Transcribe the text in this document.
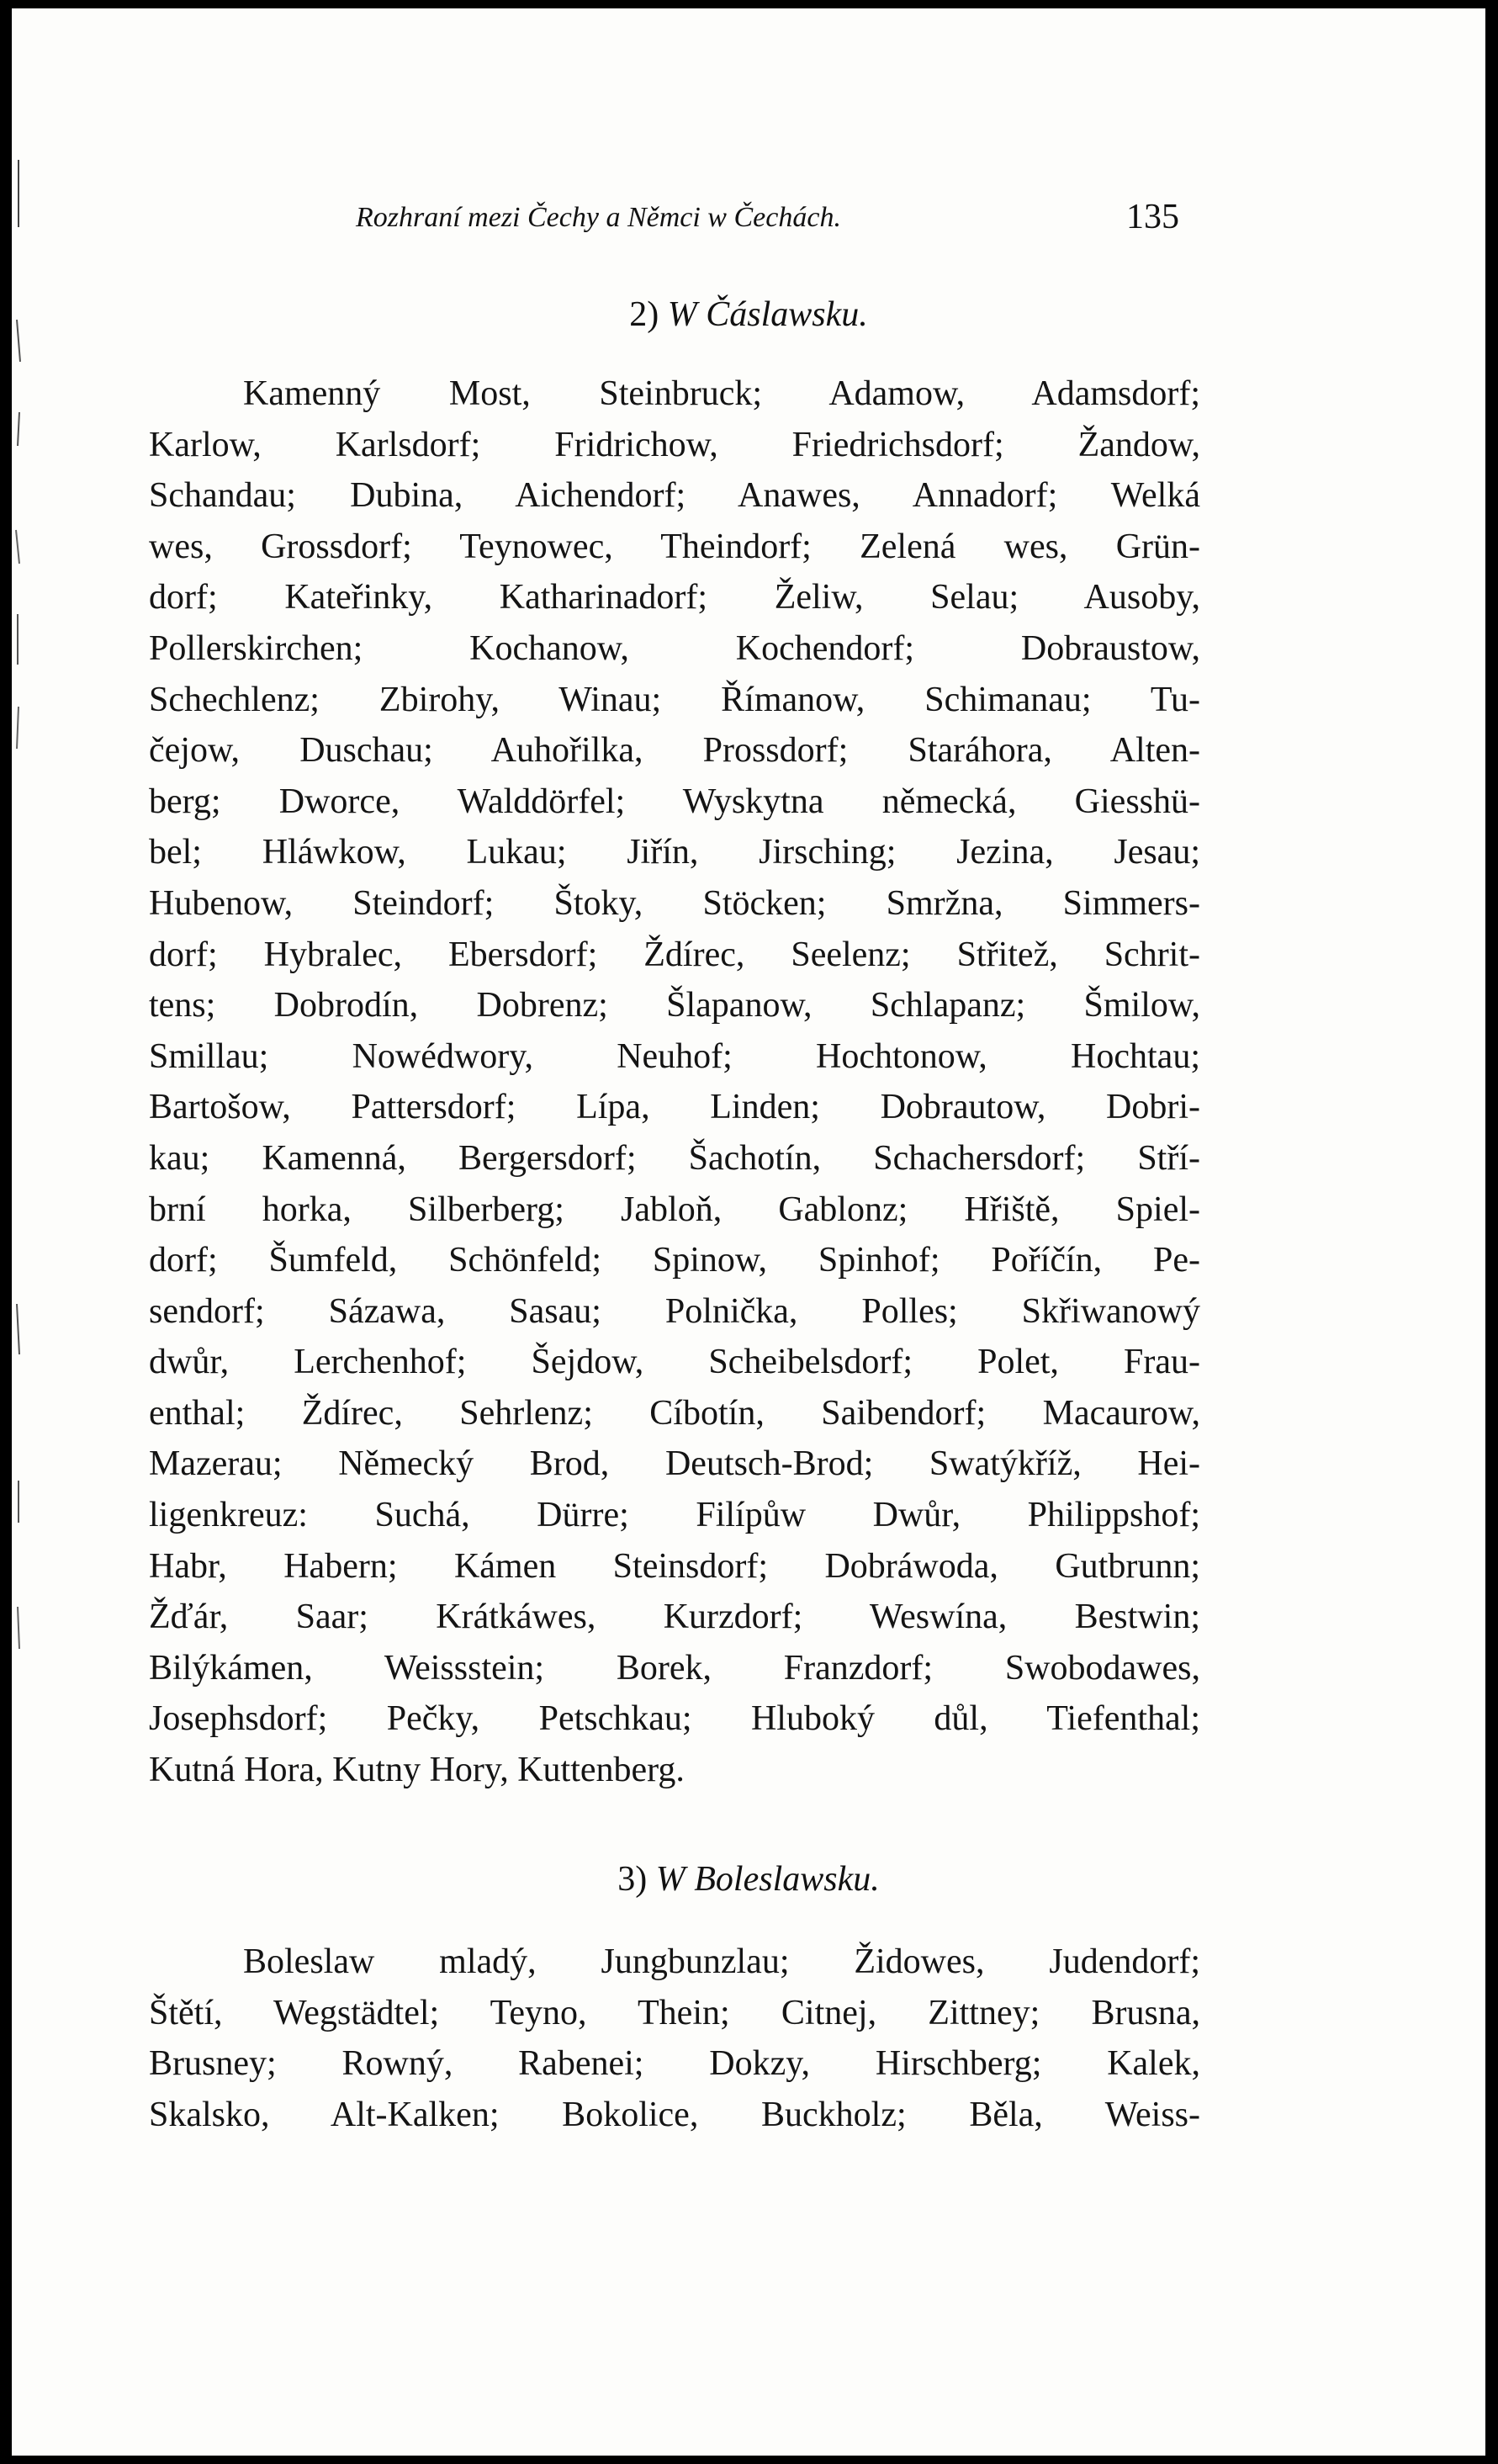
Rozhraní mezi Čechy a Němci w Čechách.	135
2) W Čáslawsku.
Kamenný Most, Steinbruck; Adamow, Adamsdorf;
Karlow, Karlsdorf; Fridrichow, Friedrichsdorf; Žandow,
Schandau; Dubina, Aichendorf; Anawes, Annadorf; Welká
wes, Grossdorf; Teynowec, Theindorf; Zelená wes, Grün-
dorf; Kateřinky, Katharinadorf; Želiw, Selau; Ausoby,
Pollerskirchen; Kochanow, Kochendorf; Dobraustow,
Schechlenz; Zbirohy, Winau; Římanow, Schimanau; Tu-
čejow, Duschau; Auhořilka, Prossdorf; Staráhora, Alten-
berg; Dworce, Walddörfel; Wyskytna německá, Giesshü-
bel; Hláwkow, Lukau; Jiřín, Jirsching; Jezina, Jesau;
Hubenow, Steindorf; Štoky, Stöcken; Smržna, Simmers-
dorf; Hybralec, Ebersdorf; Ždírec, Seelenz; Střitež, Schrit-
tens; Dobrodín, Dobrenz; Šlapanow, Schlapanz; Šmilow,
Smillau; Nowédwory, Neuhof; Hochtonow, Hochtau;
Bartošow, Pattersdorf; Lípa, Linden; Dobrautow, Dobri-
kau; Kamenná, Bergersdorf; Šachotín, Schachersdorf; Stří-
brní horka, Silberberg; Jabloň, Gablonz; Hřiště, Spiel-
dorf; Šumfeld, Schönfeld; Spinow, Spinhof; Poříčín, Pe-
sendorf; Sázawa, Sasau; Polnička, Polles; Skřiwanowý
dwůr, Lerchenhof; Šejdow, Scheibelsdorf; Polet, Frau-
enthal; Ždírec, Sehrlenz; Cíbotín, Saibendorf; Macaurow,
Mazerau; Německý Brod, Deutsch-Brod; Swatýkříž, Hei-
ligenkreuz: Suchá, Dürre; Filípůw Dwůr, Philippshof;
Habr, Habern; Kámen Steinsdorf; Dobráwoda, Gutbrunn;
Žďár, Saar; Krátkáwes, Kurzdorf; Weswína, Bestwin;
Bilýkámen, Weissstein; Borek, Franzdorf; Swobodawes,
Josephsdorf; Pečky, Petschkau; Hluboký důl, Tiefenthal;
Kutná Hora, Kutny Hory, Kuttenberg.
3) W Boleslawsku.
Boleslaw mladý, Jungbunzlau; Židowes, Judendorf;
Štětí, Wegstädtel; Teyno, Thein; Citnej, Zittney; Brusna,
Brusney; Rowný, Rabenei; Dokzy, Hirschberg; Kalek,
Skalsko, Alt-Kalken; Bokolice, Buckholz; Běla, Weiss-
